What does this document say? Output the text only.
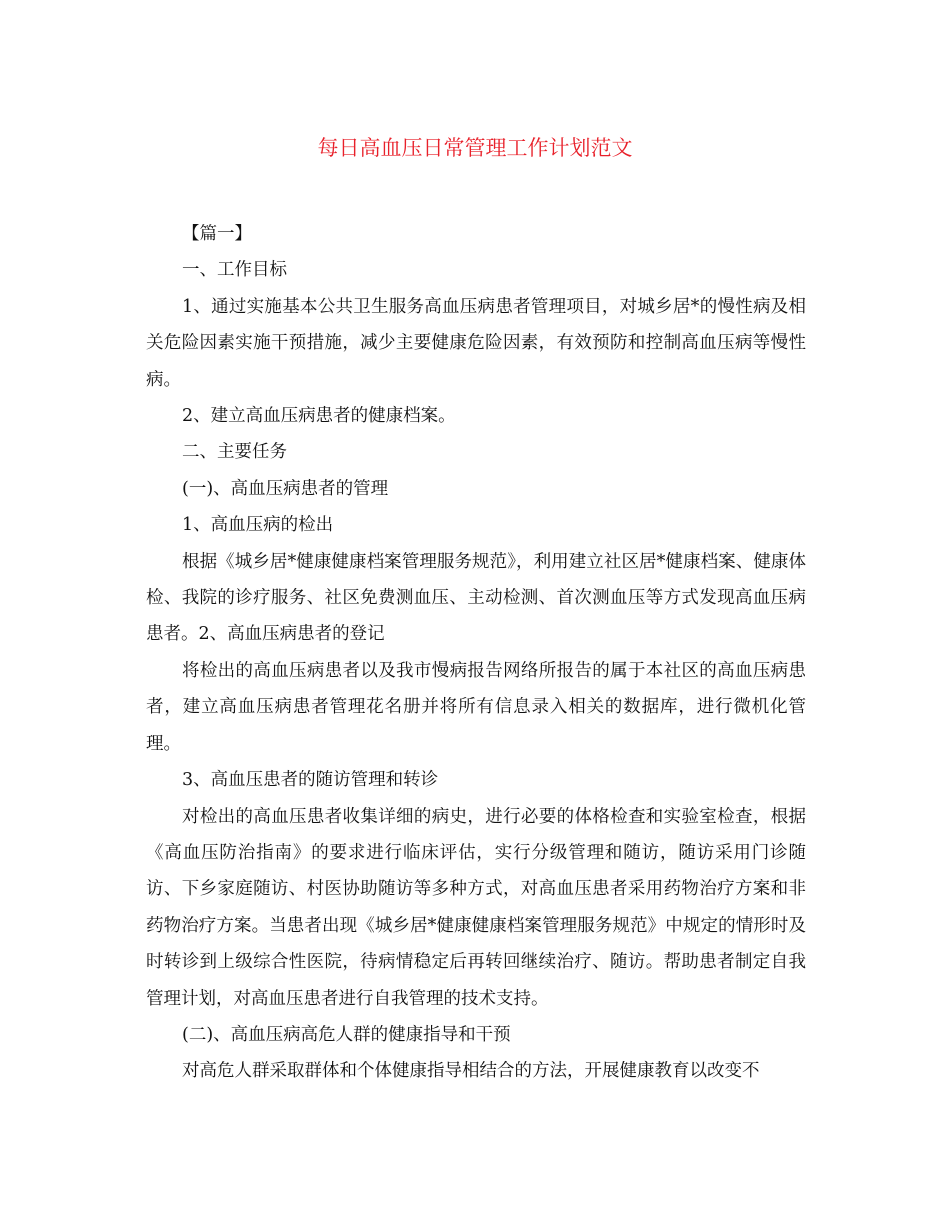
每日高血压日常管理工作计划范文

【篇一】

一、工作目标

1、通过实施基本公共卫生服务高血压病患者管理项目，对城乡居*的慢性病及相关危险因素实施干预措施，减少主要健康危险因素，有效预防和控制高血压病等慢性病。

2、建立高血压病患者的健康档案。

二、主要任务

(一)、高血压病患者的管理

1、高血压病的检出

根据《城乡居*健康健康档案管理服务规范》，利用建立社区居*健康档案、健康体检、我院的诊疗服务、社区免费测血压、主动检测、首次测血压等方式发现高血压病患者。2、高血压病患者的登记

将检出的高血压病患者以及我市慢病报告网络所报告的属于本社区的高血压病患者，建立高血压病患者管理花名册并将所有信息录入相关的数据库，进行微机化管理。

3、高血压患者的随访管理和转诊

对检出的高血压患者收集详细的病史，进行必要的体格检查和实验室检查，根据《高血压防治指南》的要求进行临床评估，实行分级管理和随访，随访采用门诊随访、下乡家庭随访、村医协助随访等多种方式，对高血压患者采用药物治疗方案和非药物治疗方案。当患者出现《城乡居*健康健康档案管理服务规范》中规定的情形时及时转诊到上级综合性医院，待病情稳定后再转回继续治疗、随访。帮助患者制定自我管理计划，对高血压患者进行自我管理的技术支持。

(二)、高血压病高危人群的健康指导和干预

对高危人群采取群体和个体健康指导相结合的方法，开展健康教育以改变不
